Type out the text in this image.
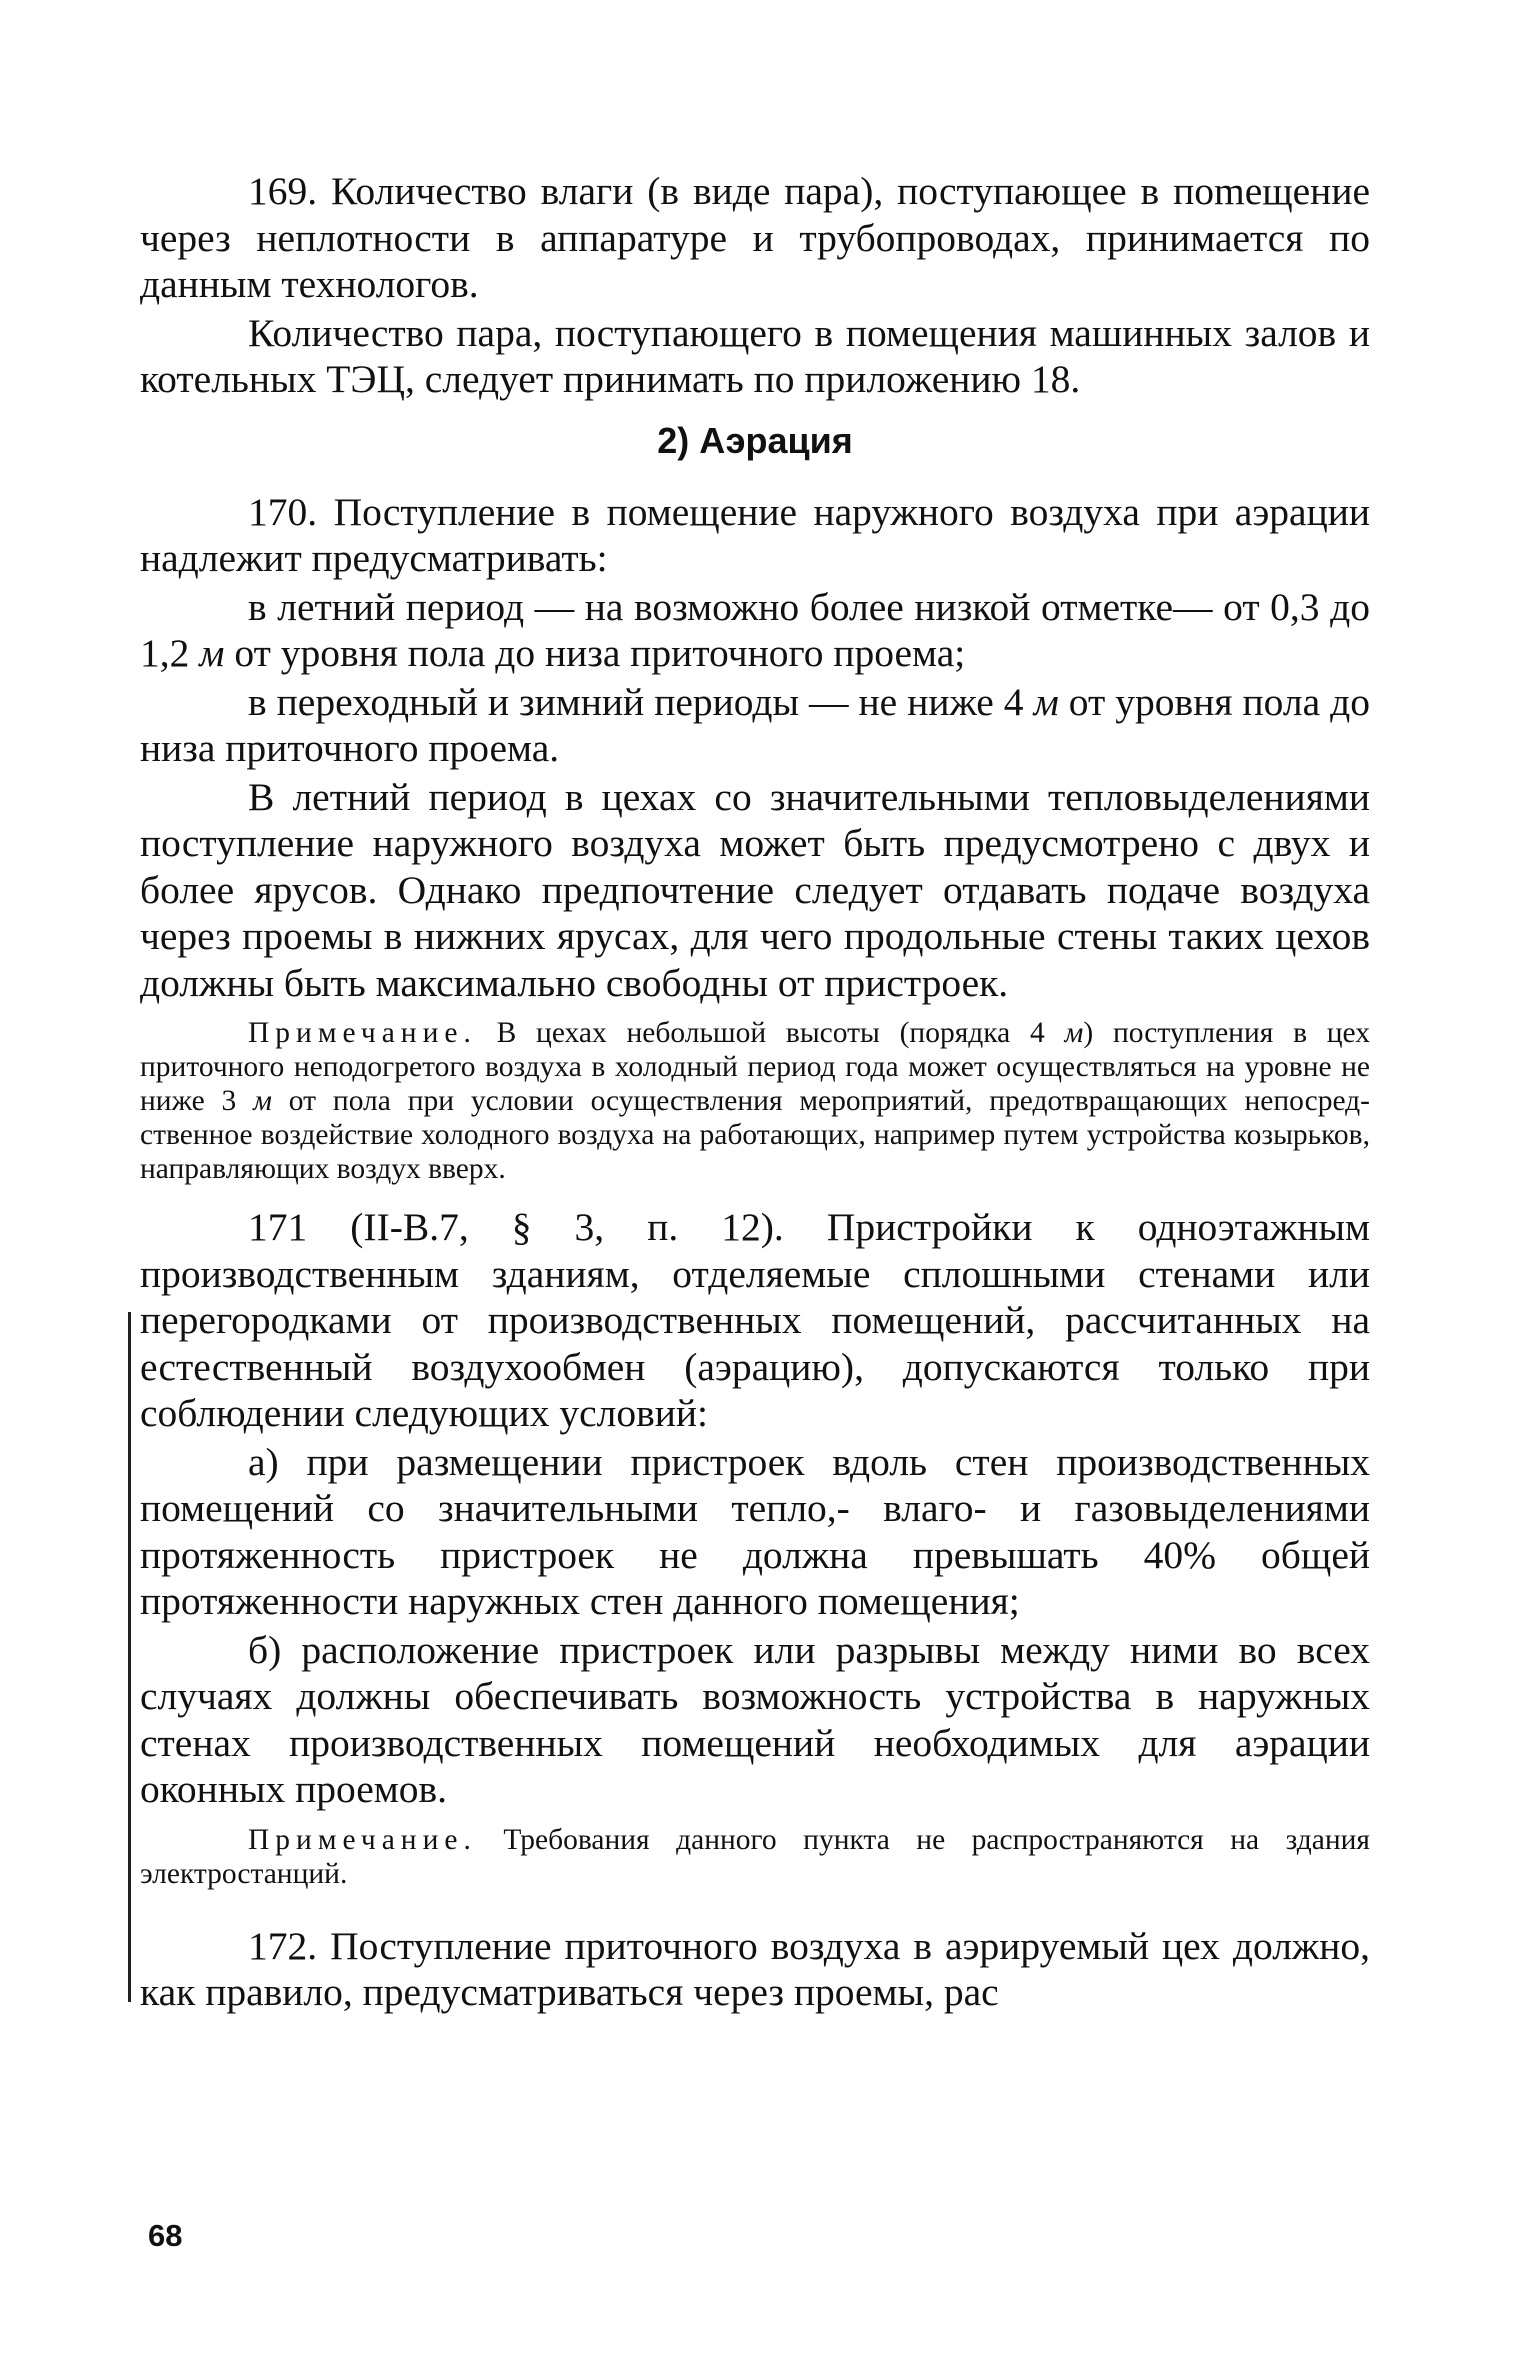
169. Количество влаги (в виде пара), поступающее в поmещение через неплотности в аппаратуре и трубопроводах, принимается по данным технологов.

Количество пара, поступающего в помещения машинных залов и котельных ТЭЦ, следует принимать по приложению 18.

2) Аэрация

170. Поступление в помещение наружного воздуха при аэрации надлежит предусматривать:

в летний период — на возможно более низкой отметке— от 0,3 до 1,2 м от уровня пола до низа приточного проема;

в переходный и зимний периоды — не ниже 4 м от уровня пола до низа приточного проема.

В летний период в цехах со значительными тепловыделениями поступление наружного воздуха может быть предусмотрено с двух и более ярусов. Однако предпочтение следует отдавать подаче воздуха через проемы в нижних ярусах, для чего продольные стены таких цехов должны быть максимально свободны от пристроек.

Примечание. В цехах небольшой высоты (порядка 4 м) поступления в цех приточного неподогретого воздуха в холодный период года может осуществляться на уровне не ниже 3 м от пола при условии осуществления мероприятий, предотвращающих непосредственное воздействие холодного воздуха на работающих, например путем устройства козырьков, направляющих воздух вверх.

171 (II-В.7, § 3, п. 12). Пристройки к одноэтажным производственным зданиям, отделяемые сплошными стенами или перегородками от производственных помещений, рассчитанных на естественный воздухообмен (аэрацию), допускаются только при соблюдении следующих условий:

а) при размещении пристроек вдоль стен производственных помещений со значительными тепло,- влаго- и газовыделениями протяженность пристроек не должна превышать 40% общей протяженности наружных стен данного помещения;

б) расположение пристроек или разрывы между ними во всех случаях должны обеспечивать возможность устройства в наружных стенах производственных помещений необходимых для аэрации оконных проемов.

Примечание. Требования данного пункта не распространяются на здания электростанций.

172. Поступление приточного воздуха в аэрируемый цех должно, как правило, предусматриваться через проемы, рас

68
